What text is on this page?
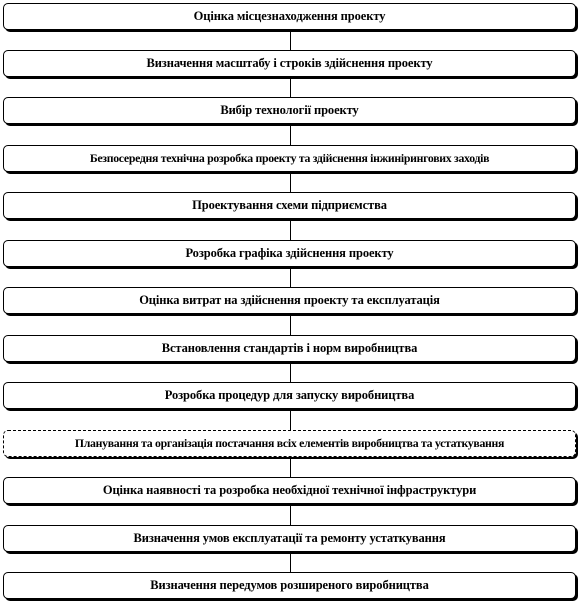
Оцінка місцезнаходження проекту
Визначення масштабу і строків здійснення проекту
Вибір технології проекту
Безпосередня технічна розробка проекту та здійснення інжинірингових заходів
Проектування схеми підприємства
Розробка графіка здійснення проекту
Оцінка витрат на здійснення проекту та експлуатація
Встановлення стандартів і норм виробництва
Розробка процедур для запуску виробництва
Планування та організація постачання всіх елементів виробництва та устаткування
Оцінка наявності та розробка необхідної технічної інфраструктури
Визначення умов експлуатації та ремонту устаткування
Визначення передумов розширеного виробництва
